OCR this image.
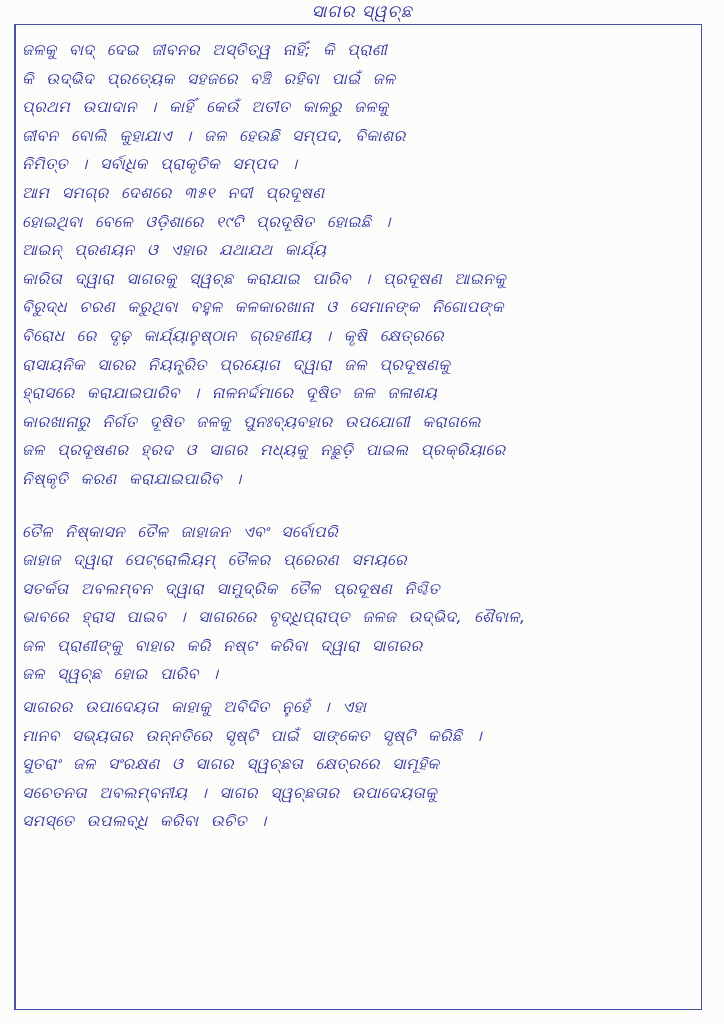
ସାଗର ସ୍ୱଚ୍ଛ

ଜଳକୁ ବାଦ୍ ଦେଇ ଜୀବନର ଅସ୍ତିତ୍ୱ ନାହିଁ; କି ପ୍ରାଣୀ
କି ଉଦ୍ଭିଦ ପ୍ରତ୍ୟେକ ସହଜରେ ବଞ୍ଚି ରହିବା ପାଇଁ ଜଳ
ପ୍ରଥମ ଉପାଦାନ । କାହିଁ କେଉଁ ଅତୀତ କାଳରୁ ଜଳକୁ
ଜୀବନ ବୋଲି କୁହାଯାଏ । ଜଳ ହେଉଛି ସମ୍ପଦ, ବିକାଶର
ନିମିତ୍ତ । ସର୍ବାଧିକ ପ୍ରାକୃତିକ ସମ୍ପଦ ।

ଆମ ସମଗ୍ର ଦେଶରେ ୩୫୧ ନଦୀ ପ୍ରଦୂଷଣ
ହୋଇଥିବା ବେଳେ ଓଡ଼ିଶାରେ ୧୯ଟି ପ୍ରଦୂଷିତ ହୋଇଛି ।

ଆଇନ୍ ପ୍ରଣୟନ ଓ ଏହାର ଯଥାଯଥ କାର୍ଯ୍ୟ
କାରିତା ଦ୍ୱାରା ସାଗରକୁ ସ୍ୱଚ୍ଛ କରାଯାଇ ପାରିବ । ପ୍ରଦୂଷଣ ଆଇନକୁ
ବିରୁଦ୍ଧ ଚରଣ କରୁଥିବା ବହୁଳ କଳକାରଖାନା ଓ ସେମାନଙ୍କ ନିଗୋପଙ୍କ
ବିରୋଧ ରେ ଦୃଢ଼ କାର୍ଯ୍ୟାନୁଷ୍ଠାନ ଗ୍ରହଣୀୟ । କୃଷି କ୍ଷେତ୍ରରେ
ରାସାୟନିକ ସାରର ନିୟନ୍ତ୍ରିତ ପ୍ରୟୋଗ ଦ୍ୱାରା ଜଳ ପ୍ରଦୂଷଣକୁ
ହ୍ରାସରେ କରାଯାଇପାରିବ । ନାଳନର୍ଦ୍ଦମାରେ ଦୂଷିତ ଜଳ ଜଳାଶୟ
କାରଖାନାରୁ ନିର୍ଗତ ଦୂଷିତ ଜଳକୁ ପୁନଃବ୍ୟବହାର ଉପଯୋଗୀ କରାଗଲେ
ଜଳ ପ୍ରଦୂଷଣର ହ୍ରଦ ଓ ସାଗର ମଧ୍ୟକୁ ନଛୁଡ଼ି ପାଇଲ ପ୍ରକ୍ରିୟାରେ
ନିଷ୍କୃତି କରଣ କରାଯାଇପାରିବ ।

ତୈଳ ନିଷ୍କାସନ ତୈଳ ଜାହାଜନ ଏବଂ ସର୍ବୋପରି
ଜାହାଜ ଦ୍ୱାରା ପେଟ୍ରୋଲିୟମ୍ ତୈଳର ପ୍ରେରଣ ସମୟରେ
ସତର୍କତା ଅବଲମ୍ବନ ଦ୍ୱାରା ସାମୁଦ୍ରିକ ତୈଳ ପ୍ରଦୂଷଣ ନିଶ୍ଚିତ
ଭାବରେ ହ୍ରାସ ପାଇବ । ସାଗରରେ ବୃଦ୍ଧିପ୍ରାପ୍ତ ଜଳଜ ଉଦ୍ଭିଦ, ଶୈବାଳ,
ଜଳ ପ୍ରାଣୀଙ୍କୁ ବାହାର କରି ନଷ୍ଟ କରିବା ଦ୍ୱାରା ସାଗରର
ଜଳ ସ୍ୱଚ୍ଛ ହୋଇ ପାରିବ ।

ସାଗରର ଉପାଦେୟତା କାହାକୁ ଅବିଦିତ ନୁହେଁ । ଏହା
ମାନବ ସଭ୍ୟତାର ଉନ୍ନତିରେ ସୃଷ୍ଟି ପାଇଁ ସାଙ୍କେତ ସୃଷ୍ଟି କରିଛି ।
ସୁତରାଂ ଜଳ ସଂରକ୍ଷଣ ଓ ସାଗର ସ୍ୱଚ୍ଛତା କ୍ଷେତ୍ରରେ ସାମୂହିକ
ସଚେତନତା ଅବଲମ୍ବନୀୟ । ସାଗର ସ୍ୱଚ୍ଛତାର ଉପାଦେୟତାକୁ
ସମସ୍ତେ ଉପଲବ୍ଧି କରିବା ଉଚିତ ।
